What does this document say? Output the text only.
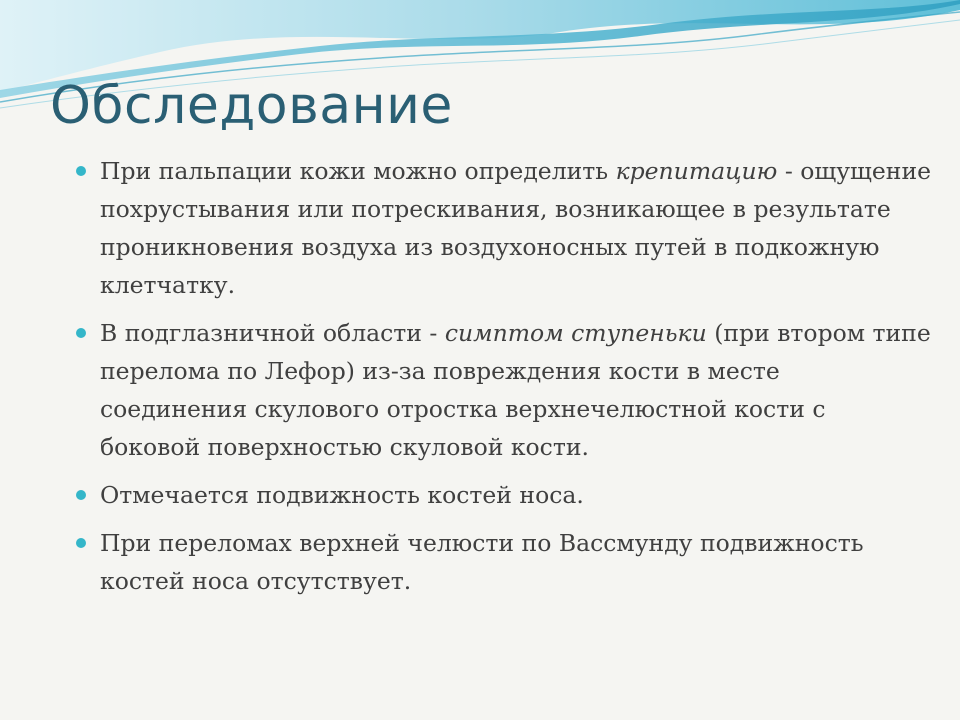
Обследование
При пальпации кожи можно определить крепитацию - ощущение похрустывания или потрескивания, возникающее в результате проникновения воздуха из воздухоносных путей в подкожную клетчатку.
В подглазничной области - симптом ступеньки (при втором типе перелома по Лефор) из-за повреждения кости в месте соединения скулового отростка верхнечелюстной кости с боковой поверхностью скуловой кости.
Отмечается подвижность костей носа.
При переломах верхней челюсти по Вассмунду подвижность костей носа отсутствует.
